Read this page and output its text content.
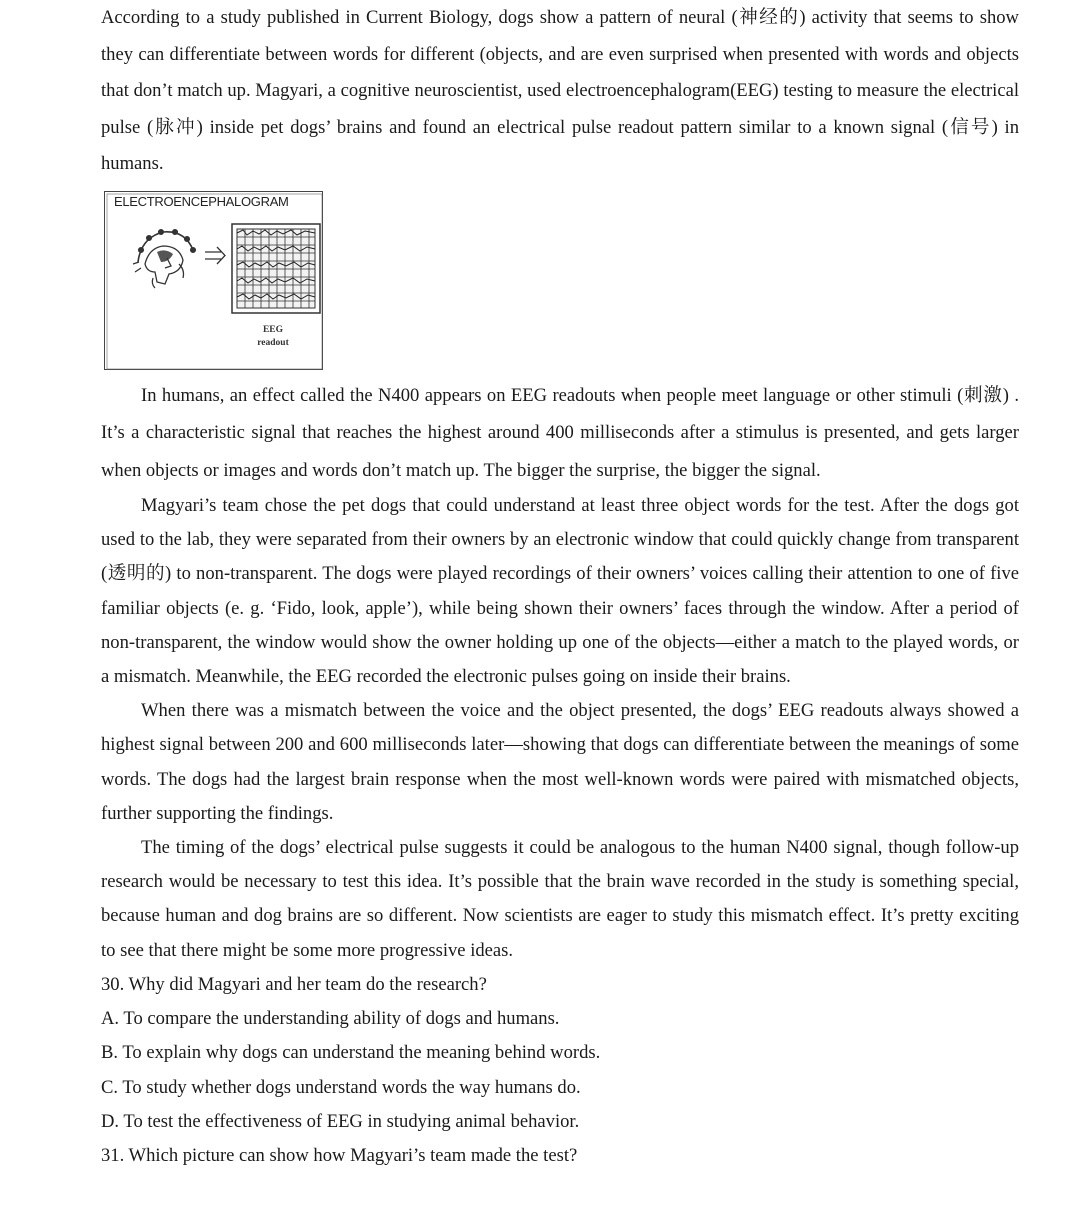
According to a study published in Current Biology, dogs show a pattern of neural (神经的) activity that seems to show they can differentiate between words for different (objects, and are even surprised when presented with words and objects that don’t match up. Magyari, a cognitive neuroscientist, used electroencephalogram(EEG) testing to measure the electrical pulse (脉冲) inside pet dogs’ brains and found an electrical pulse readout pattern similar to a known signal (信号) in humans.

ELECTROENCEPHALOGRAM
EEG
readout

In humans, an effect called the N400 appears on EEG readouts when people meet language or other stimuli (刺激) . It’s a characteristic signal that reaches the highest around 400 milliseconds after a stimulus is presented, and gets larger when objects or images and words don’t match up. The bigger the surprise, the bigger the signal.

Magyari’s team chose the pet dogs that could understand at least three object words for the test. After the dogs got used to the lab, they were separated from their owners by an electronic window that could quickly change from transparent (透明的) to non-transparent. The dogs were played recordings of their owners’ voices calling their attention to one of five familiar objects (e. g. ‘Fido, look, apple’), while being shown their owners’ faces through the window. After a period of non-transparent, the window would show the owner holding up one of the objects—either a match to the played words, or a mismatch. Meanwhile, the EEG recorded the electronic pulses going on inside their brains.

When there was a mismatch between the voice and the object presented, the dogs’ EEG readouts always showed a highest signal between 200 and 600 milliseconds later—showing that dogs can differentiate between the meanings of some words. The dogs had the largest brain response when the most well-known words were paired with mismatched objects, further supporting the findings.

The timing of the dogs’ electrical pulse suggests it could be analogous to the human N400 signal, though follow-up research would be necessary to test this idea. It’s possible that the brain wave recorded in the study is something special, because human and dog brains are so different. Now scientists are eager to study this mismatch effect. It’s pretty exciting to see that there might be some more progressive ideas.

30. Why did Magyari and her team do the research?

A. To compare the understanding ability of dogs and humans.

B. To explain why dogs can understand the meaning behind words.

C. To study whether dogs understand words the way humans do.

D. To test the effectiveness of EEG in studying animal behavior.

31. Which picture can show how Magyari’s team made the test?
